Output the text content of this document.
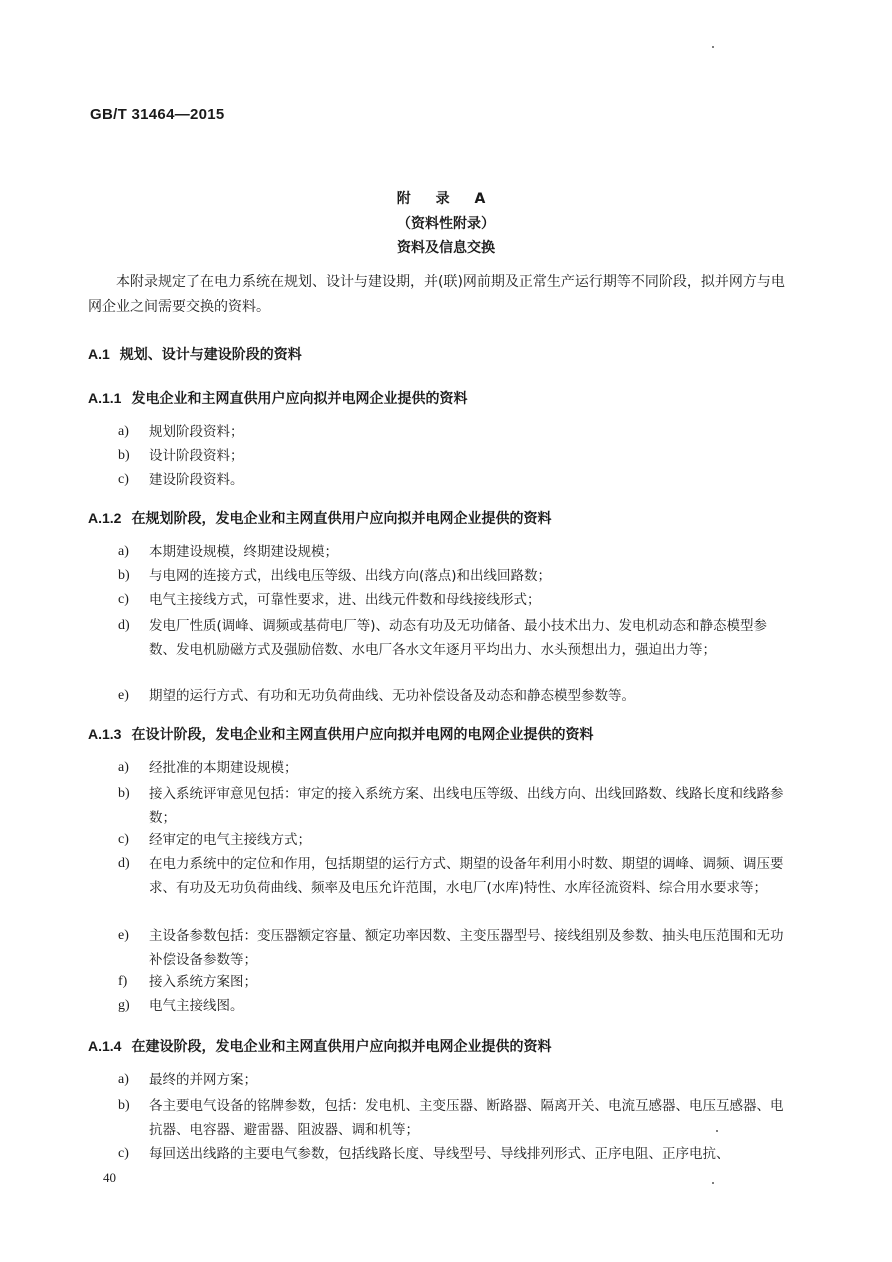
GB/T 31464—2015
附 录 A
（资料性附录）
资料及信息交换

本附录规定了在电力系统在规划、设计与建设期，并(联)网前期及正常生产运行期等不同阶段，拟并网方与电网企业之间需要交换的资料。

A.1 规划、设计与建设阶段的资料
A.1.1 发电企业和主网直供用户应向拟并电网企业提供的资料
a)	规划阶段资料；
b)	设计阶段资料；
c)	建设阶段资料。
A.1.2 在规划阶段，发电企业和主网直供用户应向拟并电网企业提供的资料
a)	本期建设规模，终期建设规模；
b)	与电网的连接方式，出线电压等级、出线方向(落点)和出线回路数；
c)	电气主接线方式，可靠性要求，进、出线元件数和母线接线形式；
d)	发电厂性质(调峰、调频或基荷电厂等)、动态有功及无功储备、最小技术出力、发电机动态和静态模型参数、发电机励磁方式及强励倍数、水电厂各水文年逐月平均出力、水头预想出力，强迫出力等；
e)	期望的运行方式、有功和无功负荷曲线、无功补偿设备及动态和静态模型参数等。
A.1.3 在设计阶段，发电企业和主网直供用户应向拟并电网的电网企业提供的资料
a)	经批准的本期建设规模；
b)	接入系统评审意见包括：审定的接入系统方案、出线电压等级、出线方向、出线回路数、线路长度和线路参数；
c)	经审定的电气主接线方式；
d)	在电力系统中的定位和作用，包括期望的运行方式、期望的设备年利用小时数、期望的调峰、调频、调压要求、有功及无功负荷曲线、频率及电压允许范围，水电厂(水库)特性、水库径流资料、综合用水要求等；
e)	主设备参数包括：变压器额定容量、额定功率因数、主变压器型号、接线组别及参数、抽头电压范围和无功补偿设备参数等；
f)	接入系统方案图；
g)	电气主接线图。
A.1.4 在建设阶段，发电企业和主网直供用户应向拟并电网企业提供的资料
a)	最终的并网方案；
b)	各主要电气设备的铭牌参数，包括：发电机、主变压器、断路器、隔离开关、电流互感器、电压互感器、电抗器、电容器、避雷器、阻波器、调和机等；
c)	每回送出线路的主要电气参数，包括线路长度、导线型号、导线排列形式、正序电阻、正序电抗、
40
